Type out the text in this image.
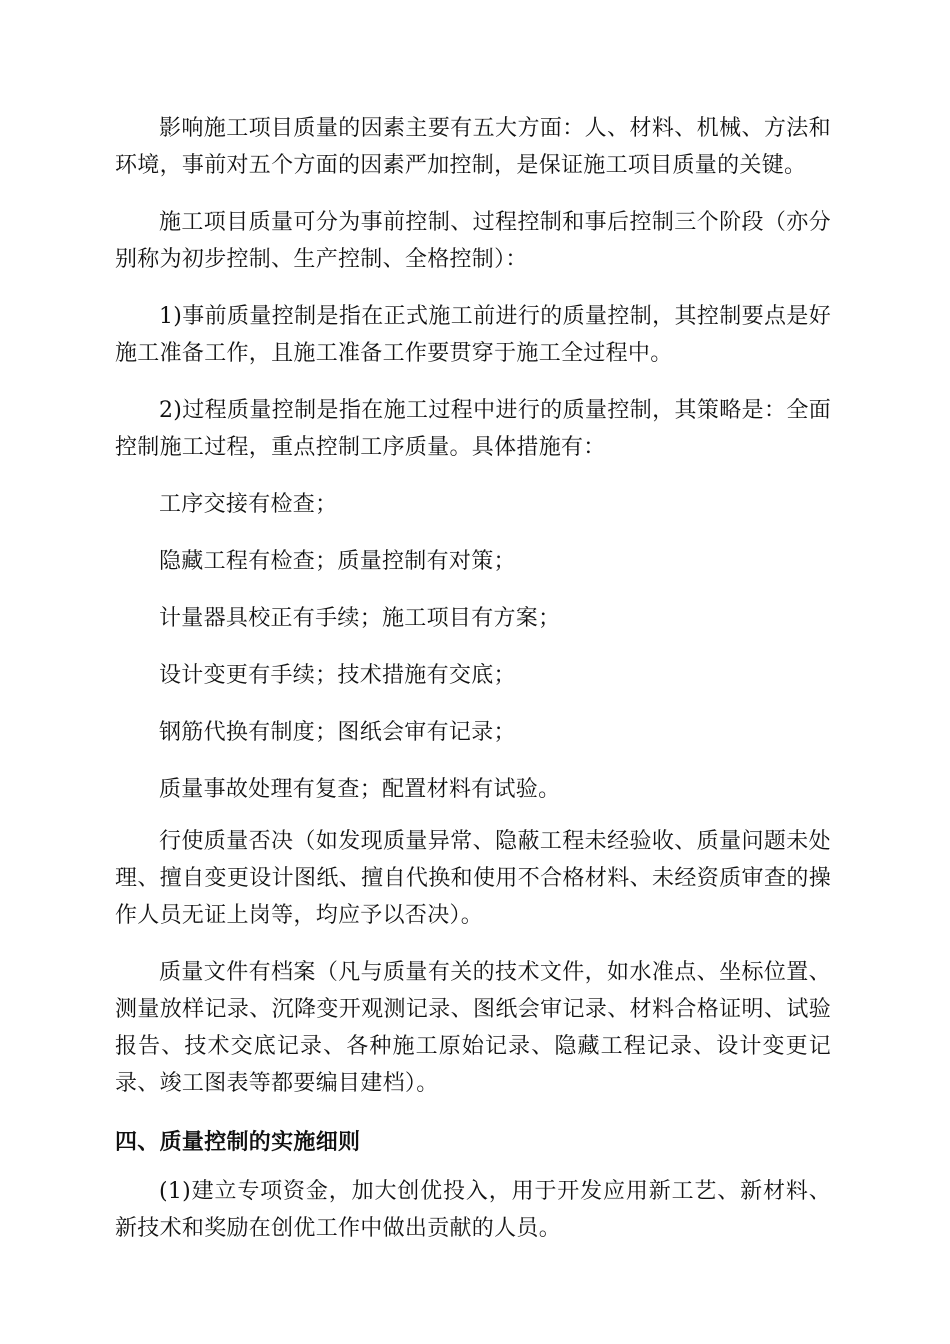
影响施工项目质量的因素主要有五大方面：人、材料、机械、方法和环境，事前对五个方面的因素严加控制，是保证施工项目质量的关键。

施工项目质量可分为事前控制、过程控制和事后控制三个阶段（亦分别称为初步控制、生产控制、全格控制）：

1)事前质量控制是指在正式施工前进行的质量控制，其控制要点是好施工准备工作，且施工准备工作要贯穿于施工全过程中。

2)过程质量控制是指在施工过程中进行的质量控制，其策略是：全面控制施工过程，重点控制工序质量。具体措施有：

工序交接有检查；

隐藏工程有检查；质量控制有对策；

计量器具校正有手续；施工项目有方案；

设计变更有手续；技术措施有交底；

钢筋代换有制度；图纸会审有记录；

质量事故处理有复查；配置材料有试验。

行使质量否决（如发现质量异常、隐蔽工程未经验收、质量问题未处理、擅自变更设计图纸、擅自代换和使用不合格材料、未经资质审查的操作人员无证上岗等，均应予以否决）。

质量文件有档案（凡与质量有关的技术文件，如水准点、坐标位置、测量放样记录、沉降变开观测记录、图纸会审记录、材料合格证明、试验报告、技术交底记录、各种施工原始记录、隐藏工程记录、设计变更记录、竣工图表等都要编目建档）。

四、质量控制的实施细则

(1)建立专项资金，加大创优投入，用于开发应用新工艺、新材料、新技术和奖励在创优工作中做出贡献的人员。
